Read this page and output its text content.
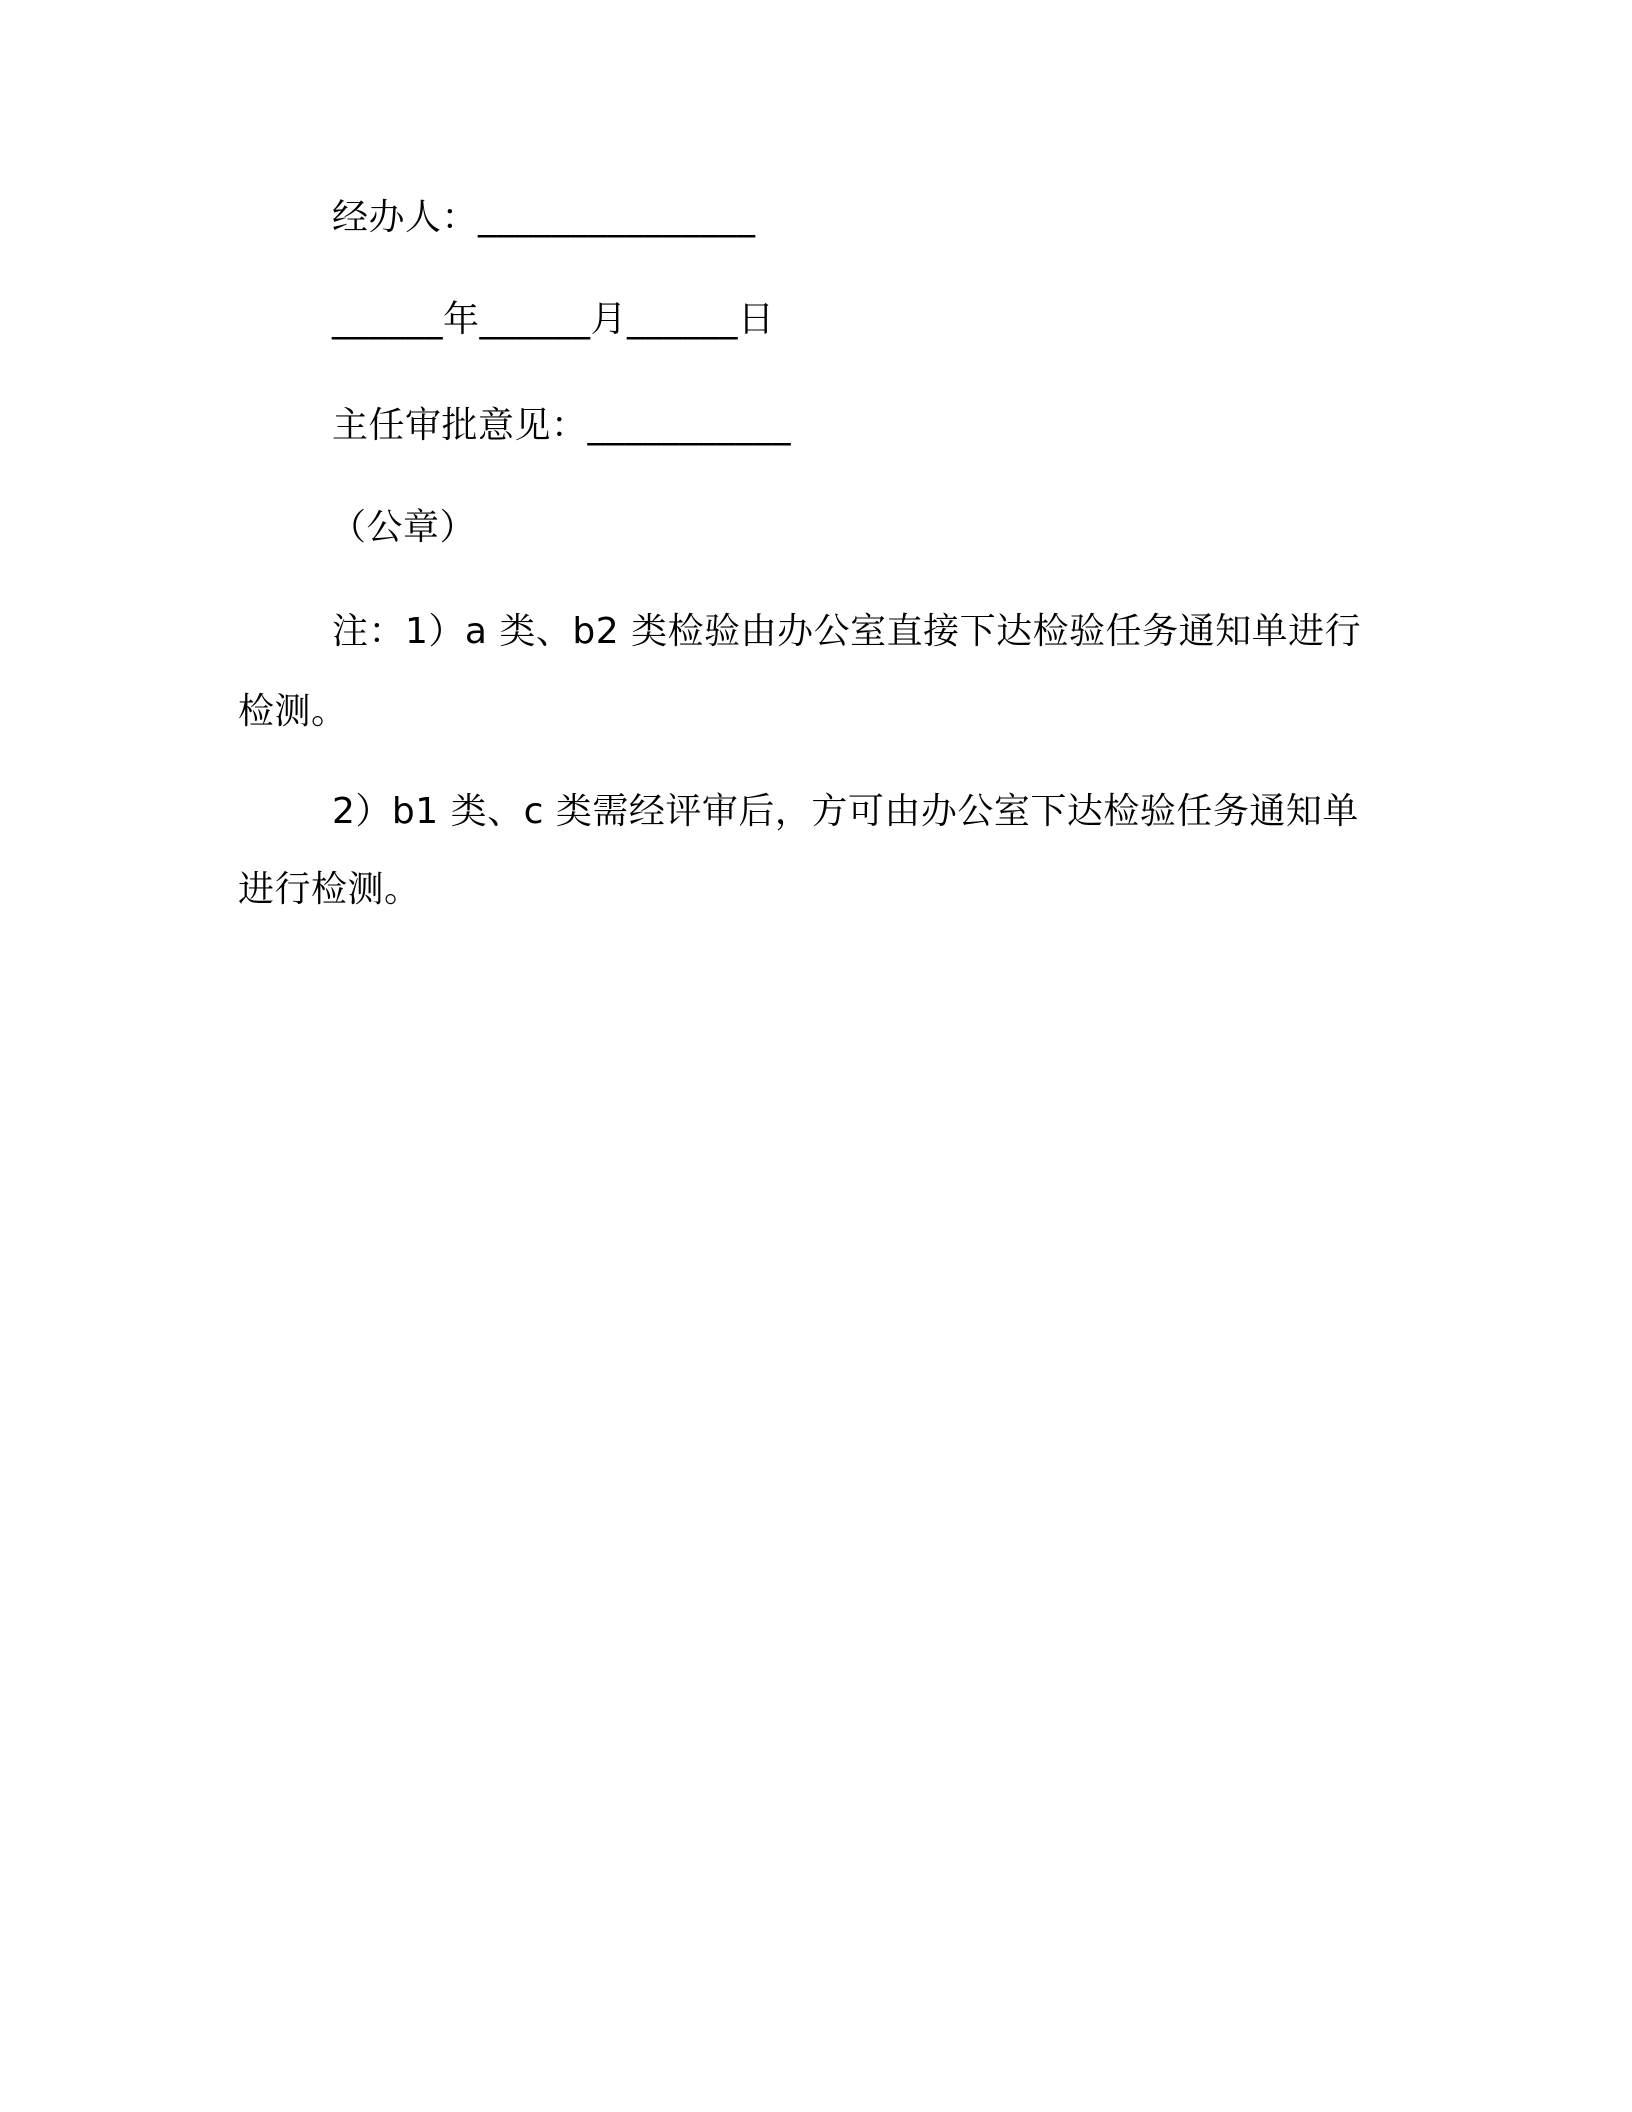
经办人：_______________
______年______月______日
主任审批意见：___________
（公章）
注：1）a 类、b2 类检验由办公室直接下达检验任务通知单进行
检测。
2）b1 类、c 类需经评审后，方可由办公室下达检验任务通知单
进行检测。
